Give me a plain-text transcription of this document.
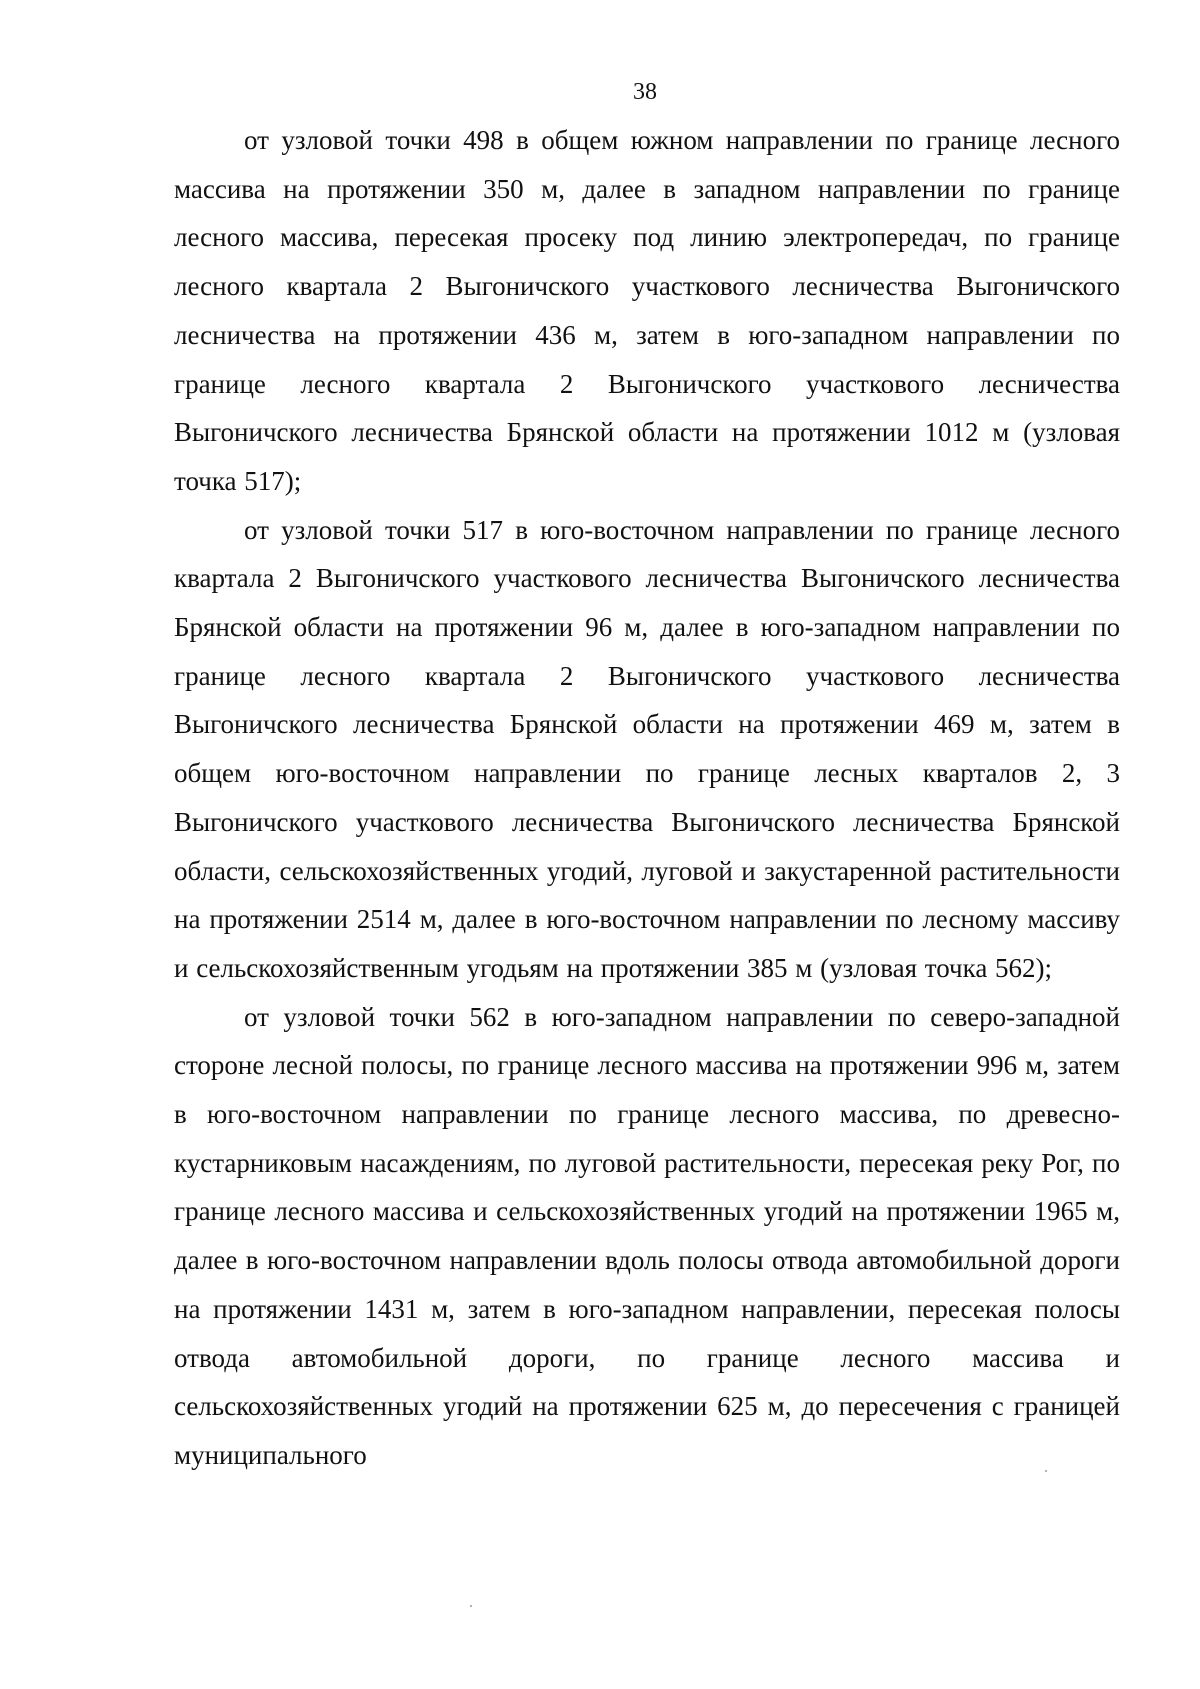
38

от узловой точки 498 в общем южном направлении по границе лесного массива на протяжении 350 м, далее в западном направлении по границе лесного массива, пересекая просеку под линию электропередач, по границе лесного квартала 2 Выгоничского участкового лесничества Выгоничского лесничества на протяжении 436 м, затем в юго-западном направлении по границе лесного квартала 2 Выгоничского участкового лесничества Выгоничского лесничества Брянской области на протяжении 1012 м (узловая точка 517);

от узловой точки 517 в юго-восточном направлении по границе лесного квартала 2 Выгоничского участкового лесничества Выгоничского лесничества Брянской области на протяжении 96 м, далее в юго-западном направлении по границе лесного квартала 2 Выгоничского участкового лесничества Выгоничского лесничества Брянской области на протяжении 469 м, затем в общем юго-восточном направлении по границе лесных кварталов 2, 3 Выгоничского участкового лесничества Выгоничского лесничества Брянской области, сельскохозяйственных угодий, луговой и закустаренной растительности на протяжении 2514 м, далее в юго-восточном направлении по лесному массиву и сельскохозяйственным угодьям на протяжении 385 м (узловая точка 562);

от узловой точки 562 в юго-западном направлении по северо-западной стороне лесной полосы, по границе лесного массива на протяжении 996 м, затем в юго-восточном направлении по границе лесного массива, по древесно-кустарниковым насаждениям, по луговой растительности, пересекая реку Рог, по границе лесного массива и сельскохозяйственных угодий на протяжении 1965 м, далее в юго-восточном направлении вдоль полосы отвода автомобильной дороги на протяжении 1431 м, затем в юго-западном направлении, пересекая полосы отвода автомобильной дороги, по границе лесного массива и сельскохозяйственных угодий на протяжении 625 м, до пересечения с границей муниципального
